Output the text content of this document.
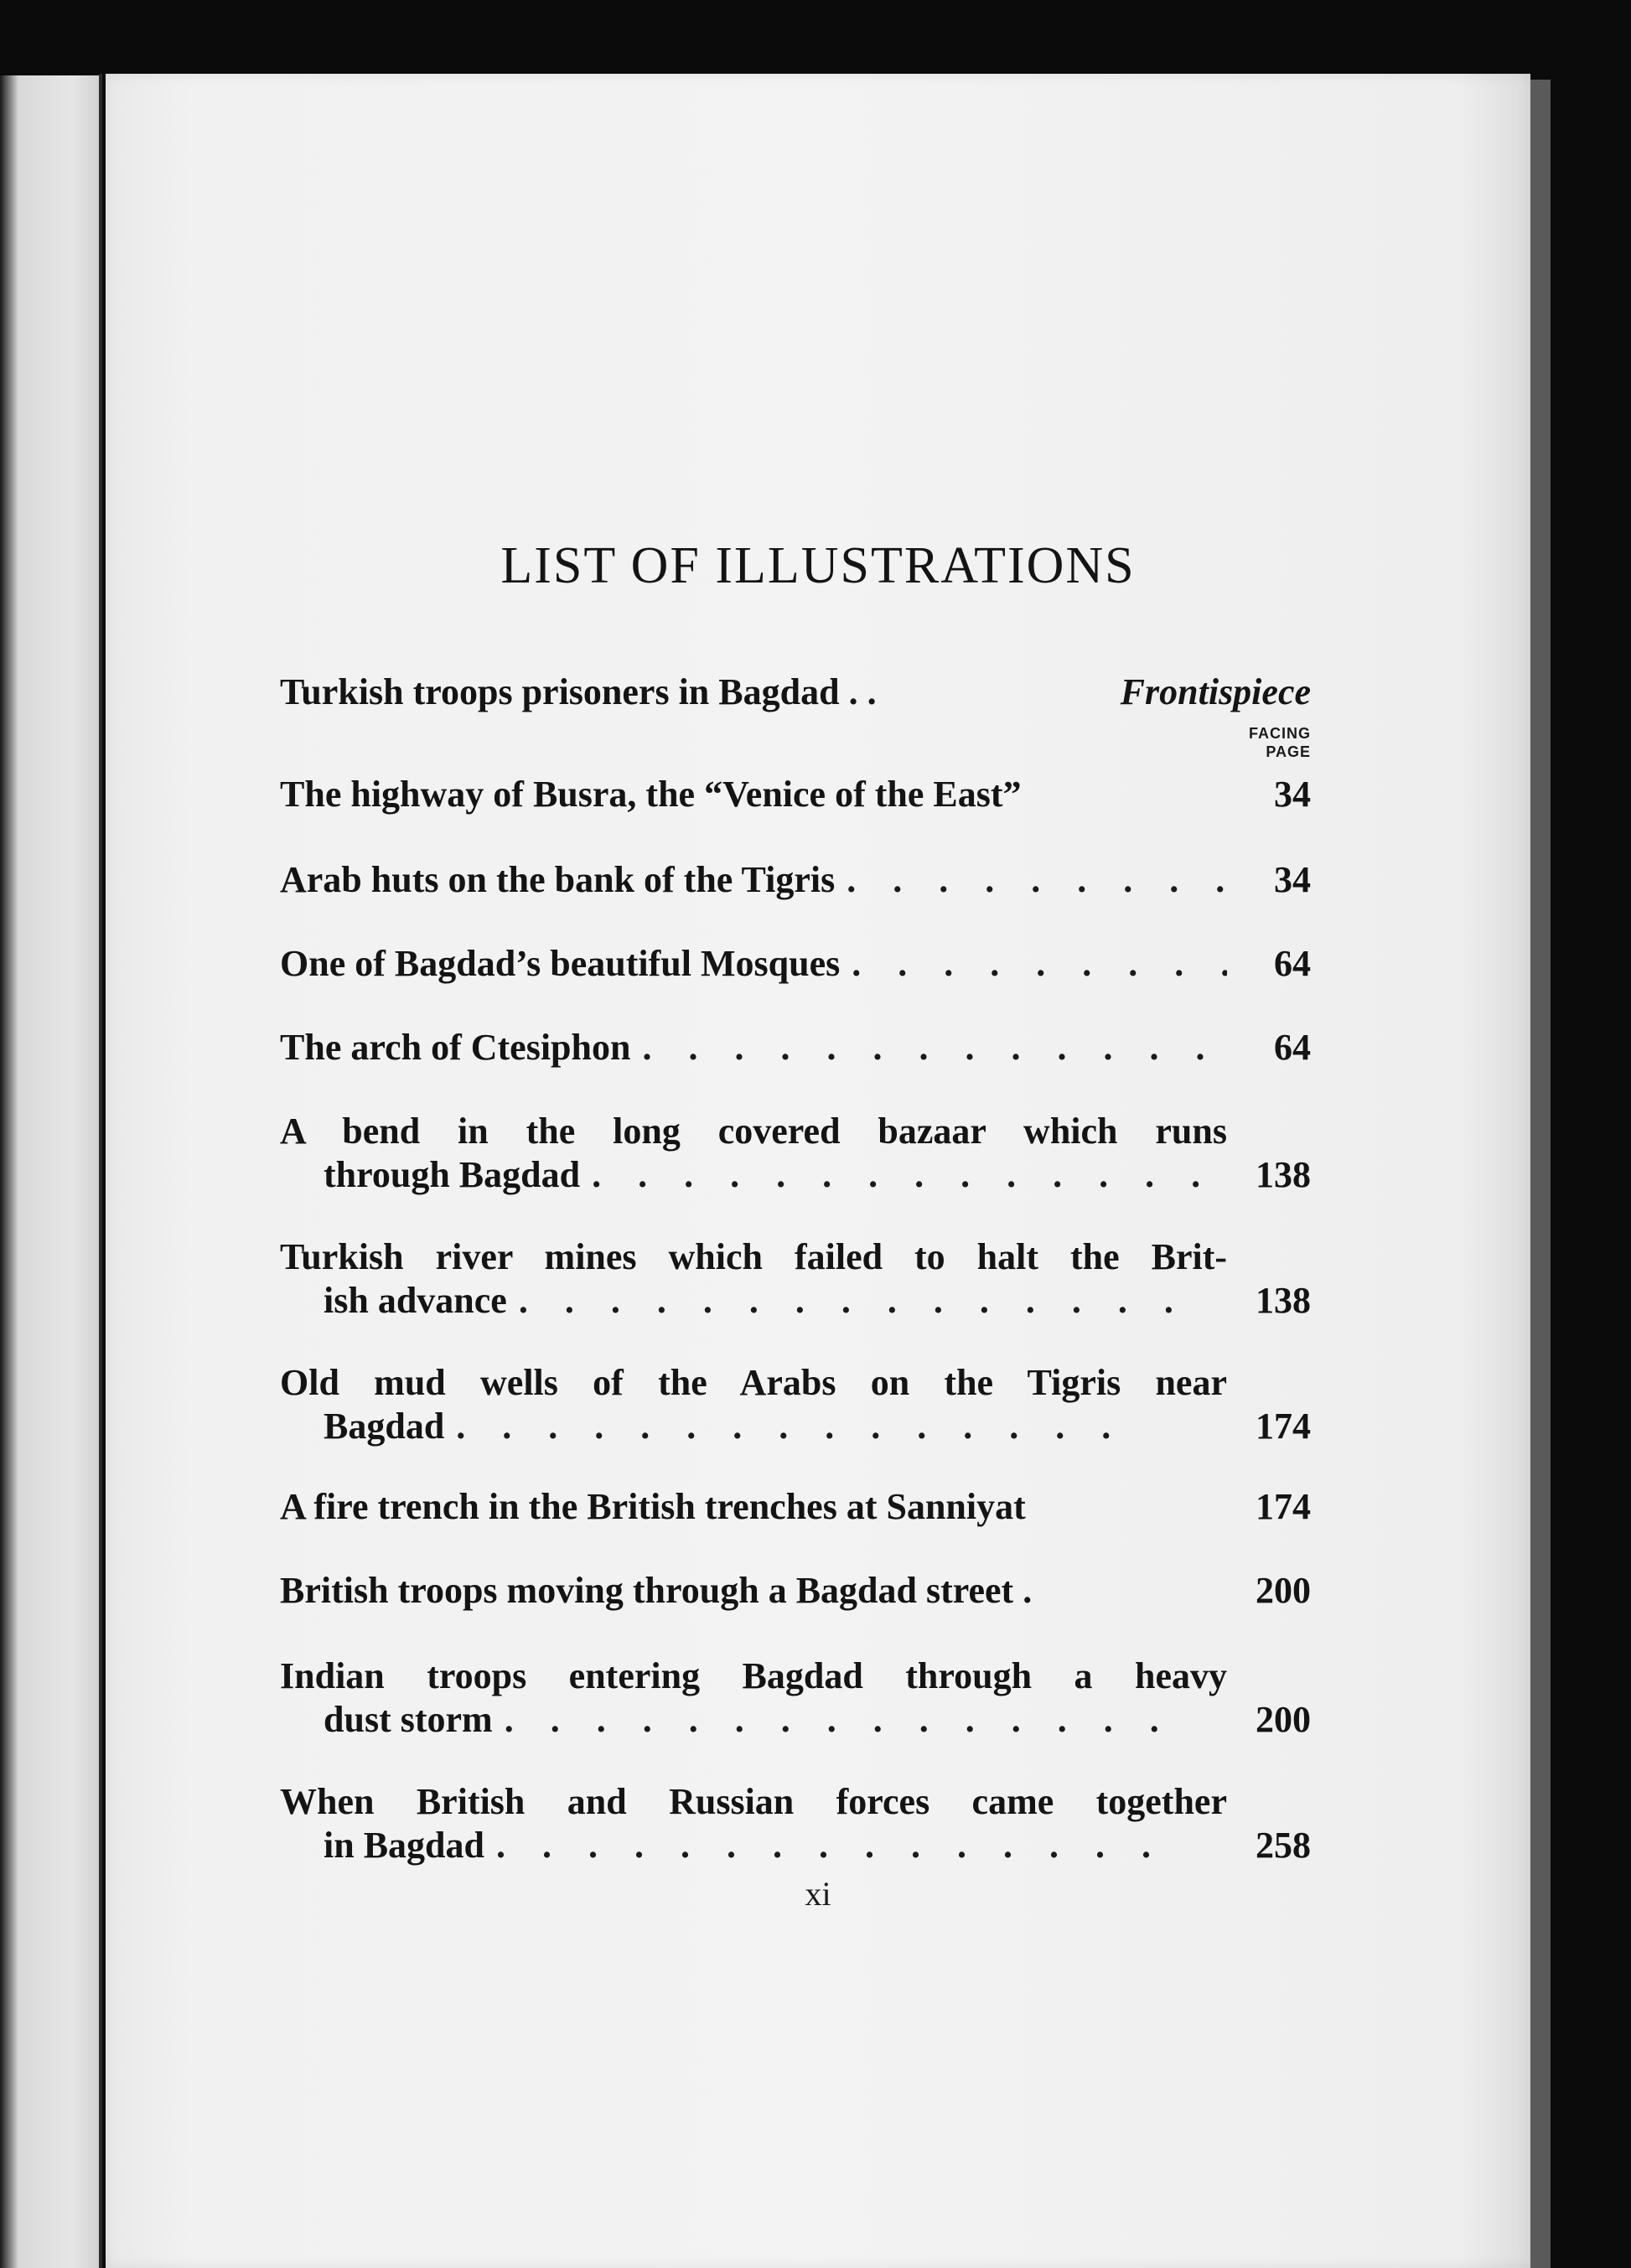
LIST OF ILLUSTRATIONS
Turkish troops prisoners in Bagdad . .	Frontispiece
The highway of Busra, the “Venice of the East”	34
Arab huts on the bank of the Tigris .	34
One of Bagdad’s beautiful Mosques .	64
The arch of Ctesiphon .	64
A bend in the long covered bazaar which runs
through Bagdad .	138
Turkish river mines which failed to halt the Brit-
ish advance .	138
Old mud wells of the Arabs on the Tigris near
Bagdad .	174
A fire trench in the British trenches at Sanniyat	174
British troops moving through a Bagdad street .	200
Indian troops entering Bagdad through a heavy
dust storm .	200
When British and Russian forces came together
in Bagdad .	258
FACING
PAGE
xi
